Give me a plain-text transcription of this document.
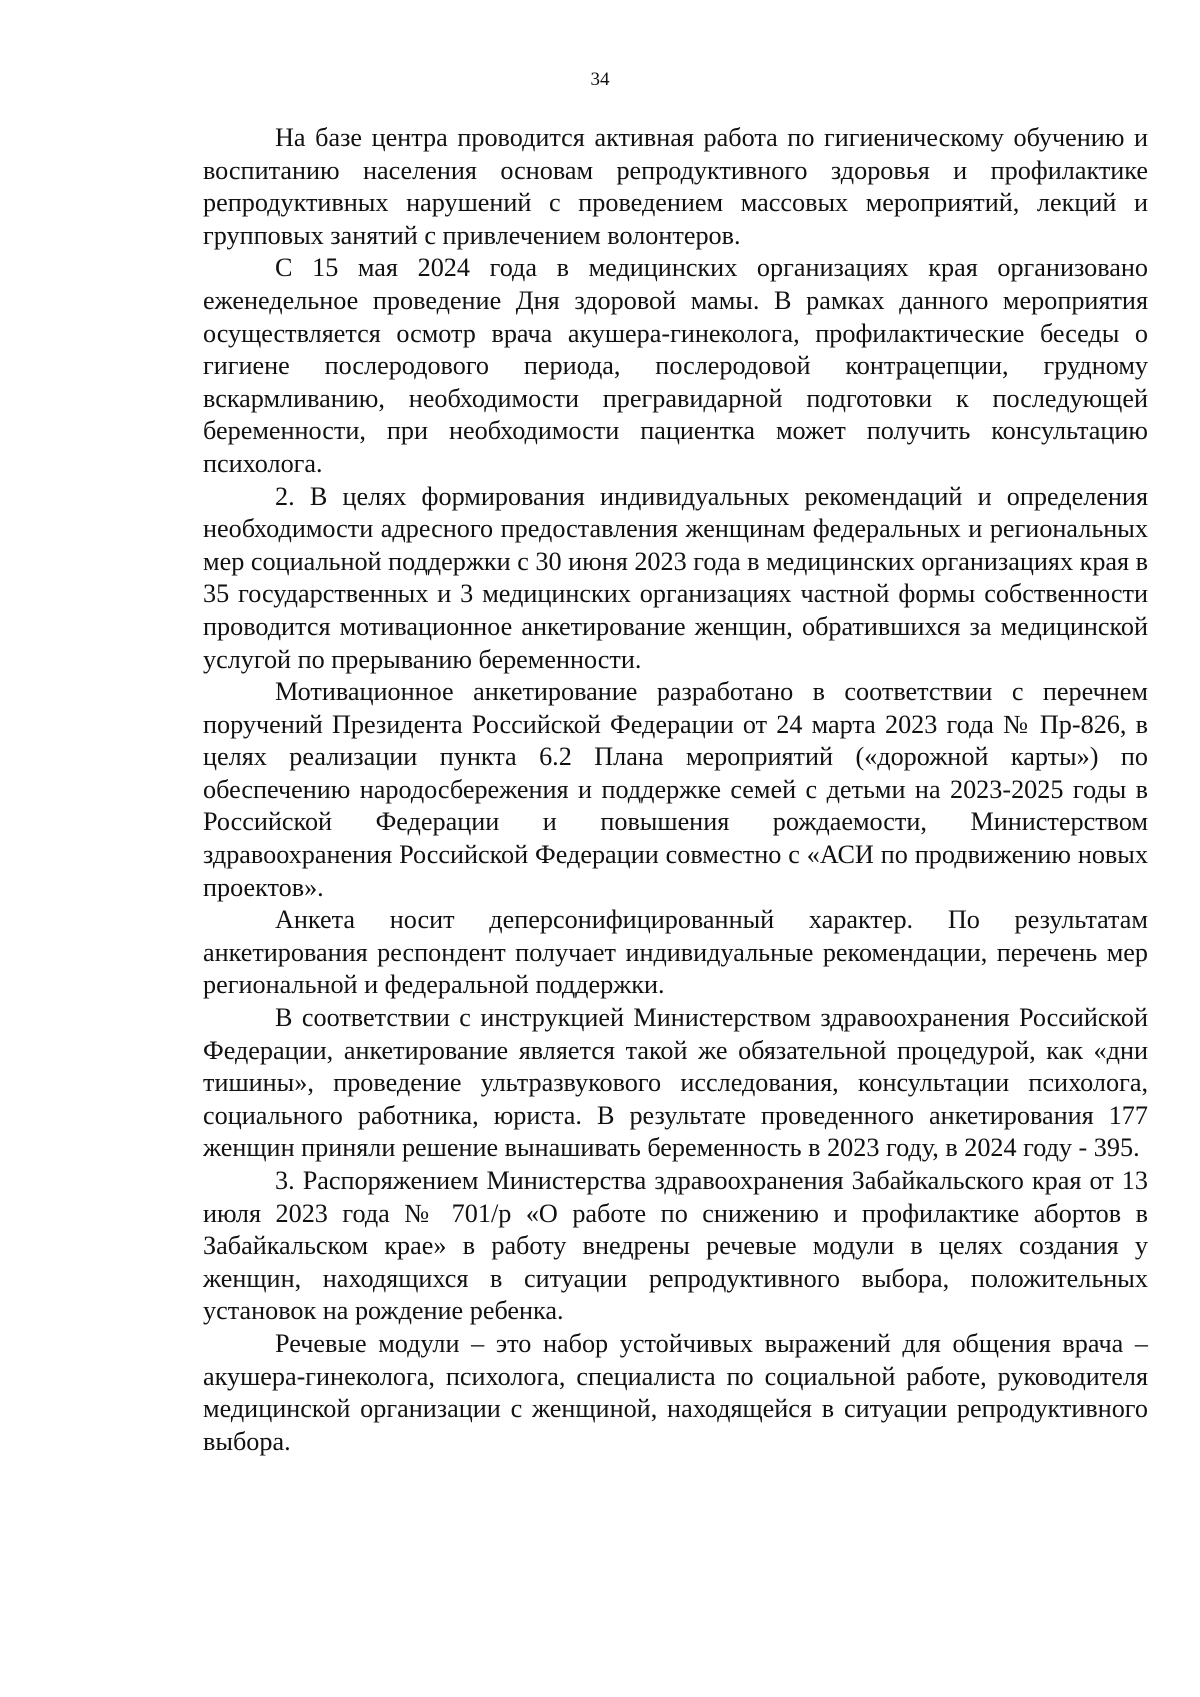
34

На базе центра проводится активная работа по гигиеническому обучению и воспитанию населения основам репродуктивного здоровья и профилактике репродуктивных нарушений с проведением массовых мероприятий, лекций и групповых занятий с привлечением волонтеров.

С 15 мая 2024 года в медицинских организациях края организовано еженедельное проведение Дня здоровой мамы. В рамках данного мероприятия осуществляется осмотр врача акушера-гинеколога, профилактические беседы о гигиене послеродового периода, послеродовой контрацепции, грудному вскармливанию, необходимости прегравидарной подготовки к последующей беременности, при необходимости пациентка может получить консультацию психолога.

2. В целях формирования индивидуальных рекомендаций и определения необходимости адресного предоставления женщинам федеральных и региональных мер социальной поддержки с 30 июня 2023 года в медицинских организациях края в 35 государственных и 3 медицинских организациях частной формы собственности проводится мотивационное анкетирование женщин, обратившихся за медицинской услугой по прерыванию беременности.

Мотивационное анкетирование разработано в соответствии с перечнем поручений Президента Российской Федерации от 24 марта 2023 года № Пр-826, в целях реализации пункта 6.2 Плана мероприятий («дорожной карты») по обеспечению народосбережения и поддержке семей с детьми на 2023-2025 годы в Российской Федерации и повышения рождаемости, Министерством здравоохранения Российской Федерации совместно с «АСИ по продвижению новых проектов».

Анкета носит деперсонифицированный характер. По результатам анкетирования респондент получает индивидуальные рекомендации, перечень мер региональной и федеральной поддержки.

В соответствии с инструкцией Министерством здравоохранения Российской Федерации, анкетирование является такой же обязательной процедурой, как «дни тишины», проведение ультразвукового исследования, консультации психолога, социального работника, юриста. В результате проведенного анкетирования 177 женщин приняли решение вынашивать беременность в 2023 году, в 2024 году - 395.

3. Распоряжением Министерства здравоохранения Забайкальского края от 13 июля 2023 года № 701/р «О работе по снижению и профилактике абортов в Забайкальском крае» в работу внедрены речевые модули в целях создания у женщин, находящихся в ситуации репродуктивного выбора, положительных установок на рождение ребенка.

Речевые модули – это набор устойчивых выражений для общения врача – акушера-гинеколога, психолога, специалиста по социальной работе, руководителя медицинской организации с женщиной, находящейся в ситуации репродуктивного выбора.
